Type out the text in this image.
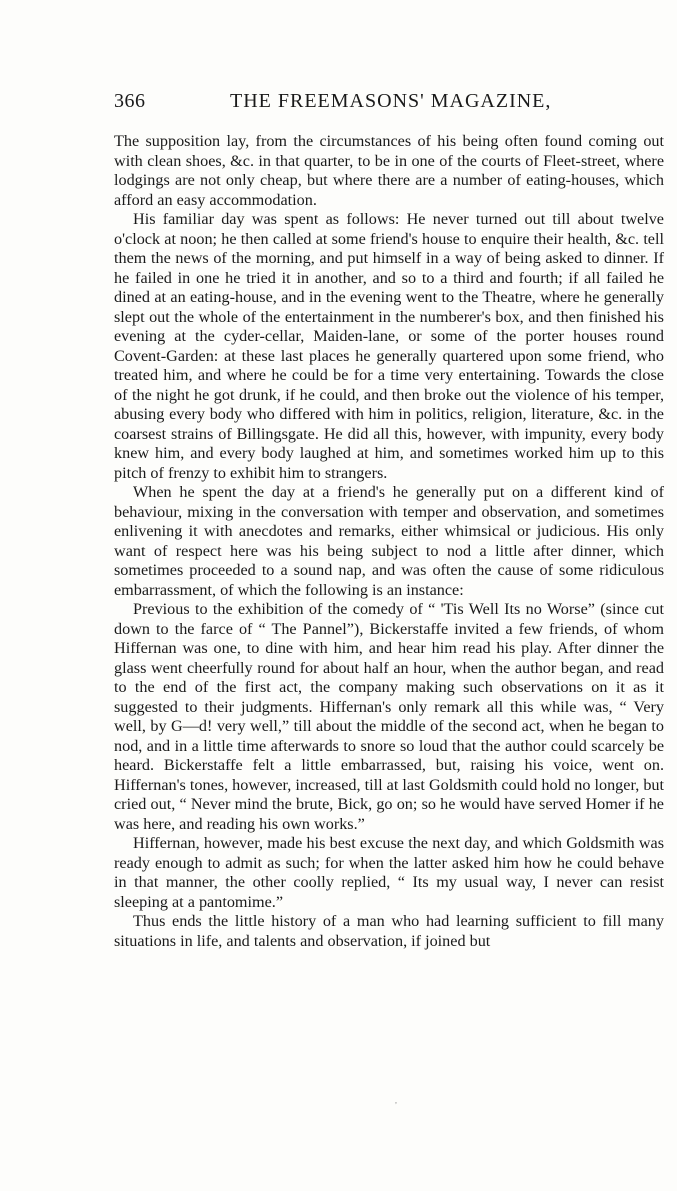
366	THE FREEMASONS' MAGAZINE,

The supposition lay, from the circumstances of his being often found coming out with clean shoes, &c. in that quarter, to be in one of the courts of Fleet-street, where lodgings are not only cheap, but where there are a number of eating-houses, which afford an easy accommodation.

His familiar day was spent as follows: He never turned out till about twelve o'clock at noon; he then called at some friend's house to enquire their health, &c. tell them the news of the morning, and put himself in a way of being asked to dinner. If he failed in one he tried it in another, and so to a third and fourth; if all failed he dined at an eating-house, and in the evening went to the Theatre, where he generally slept out the whole of the entertainment in the numberer's box, and then finished his evening at the cyder-cellar, Maiden-lane, or some of the porter houses round Covent-Garden: at these last places he generally quartered upon some friend, who treated him, and where he could be for a time very entertaining. Towards the close of the night he got drunk, if he could, and then broke out the violence of his temper, abusing every body who differed with him in politics, religion, literature, &c. in the coarsest strains of Billingsgate. He did all this, however, with impunity, every body knew him, and every body laughed at him, and sometimes worked him up to this pitch of frenzy to exhibit him to strangers.

When he spent the day at a friend's he generally put on a different kind of behaviour, mixing in the conversation with temper and observation, and sometimes enlivening it with anecdotes and remarks, either whimsical or judicious. His only want of respect here was his being subject to nod a little after dinner, which sometimes proceeded to a sound nap, and was often the cause of some ridiculous embarrassment, of which the following is an instance:

Previous to the exhibition of the comedy of “ 'Tis Well Its no Worse” (since cut down to the farce of “ The Pannel”), Bickerstaffe invited a few friends, of whom Hiffernan was one, to dine with him, and hear him read his play. After dinner the glass went cheerfully round for about half an hour, when the author began, and read to the end of the first act, the company making such observations on it as it suggested to their judgments. Hiffernan's only remark all this while was, “ Very well, by G—d! very well,” till about the middle of the second act, when he began to nod, and in a little time afterwards to snore so loud that the author could scarcely be heard. Bickerstaffe felt a little embarrassed, but, raising his voice, went on. Hiffernan's tones, however, increased, till at last Goldsmith could hold no longer, but cried out, “ Never mind the brute, Bick, go on; so he would have served Homer if he was here, and reading his own works.”

Hiffernan, however, made his best excuse the next day, and which Goldsmith was ready enough to admit as such; for when the latter asked him how he could behave in that manner, the other coolly replied, “ Its my usual way, I never can resist sleeping at a pantomime.”

Thus ends the little history of a man who had learning sufficient to fill many situations in life, and talents and observation, if joined but

,
